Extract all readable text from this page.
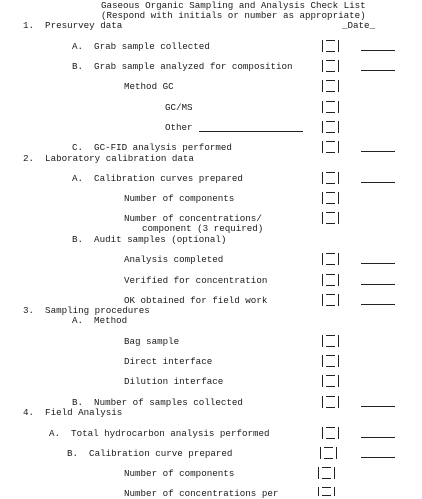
Gaseous Organic Sampling and Analysis Check List
(Respond with initials or number as appropriate)
_Date_
1.  Presurvey data
A.  Grab sample collected
B.  Grab sample analyzed for composition
Method GC
GC/MS
Other
C.  GC-FID analysis performed
2.  Laboratory calibration data
A.  Calibration curves prepared
Number of components
Number of concentrations/
component (3 required)
B.  Audit samples (optional)
Analysis completed
Verified for concentration
OK obtained for field work
3.  Sampling procedures
A.  Method
Bag sample
Direct interface
Dilution interface
B.  Number of samples collected
4.  Field Analysis
A.  Total hydrocarbon analysis performed
B.  Calibration curve prepared
Number of components
Number of concentrations per
